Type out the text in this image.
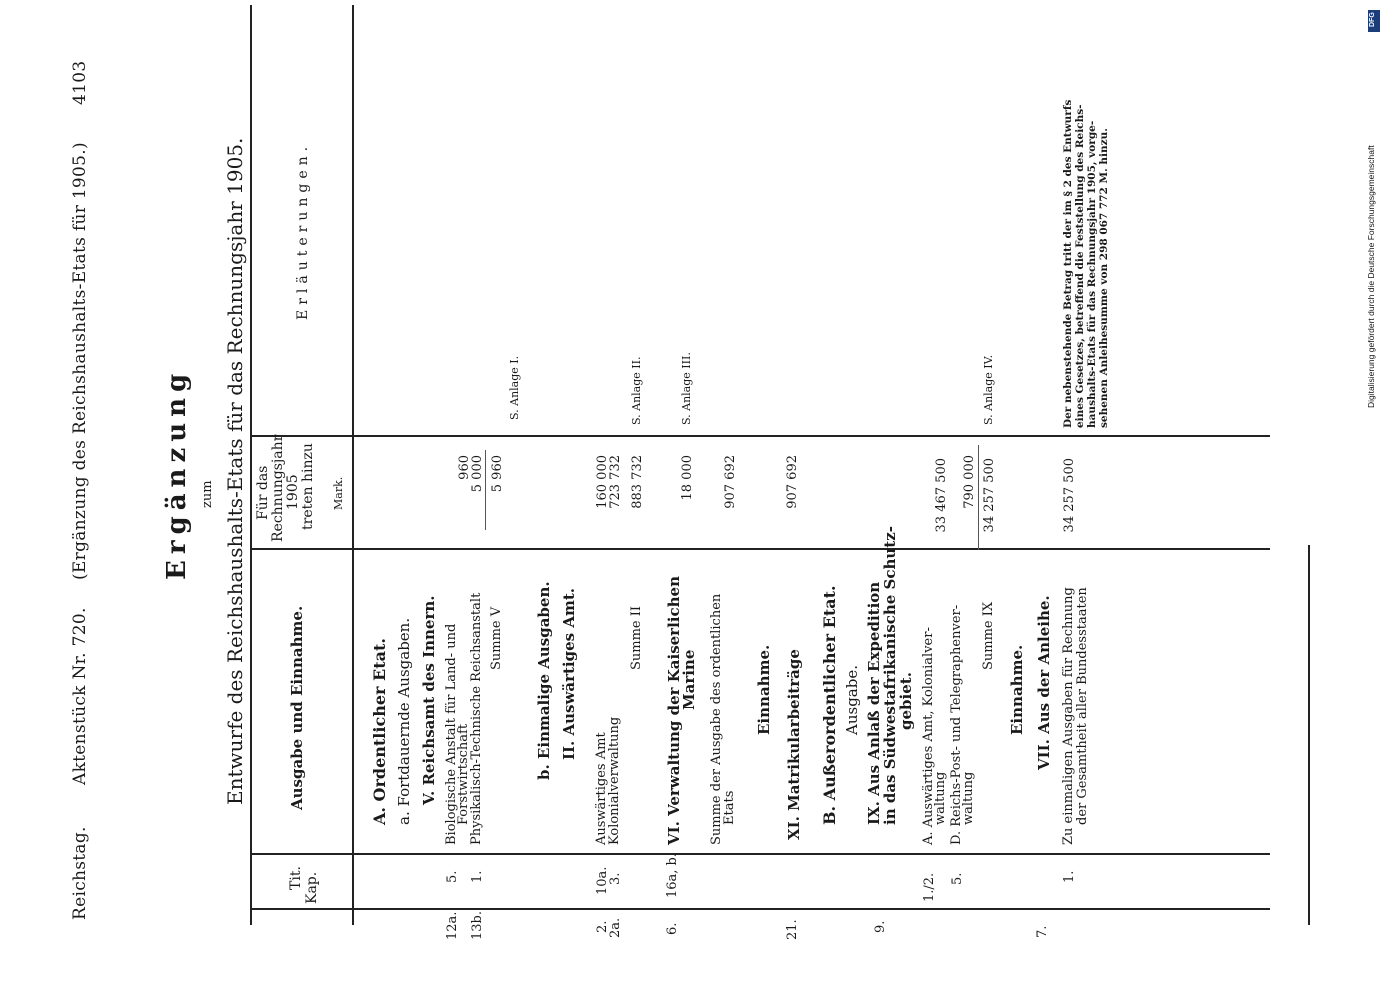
Reichstag.
Aktenstück Nr. 720.
(Ergänzung des Reichshaushalts-Etats für 1905.)
4103
Ergänzung zum Entwurfe des Reichshaushalts-Etats für das Rechnungsjahr 1905.
Kap.
Tit.
Ausgabe und Einnahme.
Für das Rechnungsjahr 1905 treten hinzu Mark.
Erläuterungen.
A. Ordentlicher Etat. a. Fortdauernde Ausgaben. V. Reichsamt des Innern.
12a.
5.
Biologische Anstalt für Land- und
Forstwirtschaft
960
13b.
1.
Physikalisch-Technische Reichsanstalt
5 000
Summe V
5 960
S. Anlage I.
b. Einmalige Ausgaben. II. Auswärtiges Amt.
2.
10a.
Auswärtiges Amt
160 000
2a.
3.
Kolonialverwaltung
723 732
Summe II
883 732
S. Anlage II.
6.
16a, b.
VI. Verwaltung der Kaiserlichen
Marine
18 000
S. Anlage III.
Summe der Ausgabe des ordentlichen
Etats
907 692
Einnahme.
21.
XI. Matrikularbeiträge
907 692
B. Außerordentlicher Etat. Ausgabe.
9.
IX. Aus Anlaß der Expedition
in das Südwestafrikanische Schutz-
gebiet.
1./2.
A. Auswärtiges Amt, Kolonialver-
waltung
33 467 500
5.
D. Reichs-Post- und Telegraphenver-
waltung
790 000
Summe IX
34 257 500
S. Anlage IV.
Einnahme.
7.
VII. Aus der Anleihe.
1.
Zu einmaligen Ausgaben für Rechnung der Gesamtheit aller Bundesstaaten
34 257 500
Der nebenstehende Betrag tritt der im § 2 des Entwurfs eines Gesetzes, betreffend die Feststellung des Reichs- haushalts-Etats für das Rechnungsjahr 1905, vorge- sehenen Anleihesumme von 298 067 772 M. hinzu.
DFG
Digitalisierung gefördert durch die Deutsche Forschungsgemeinschaft
